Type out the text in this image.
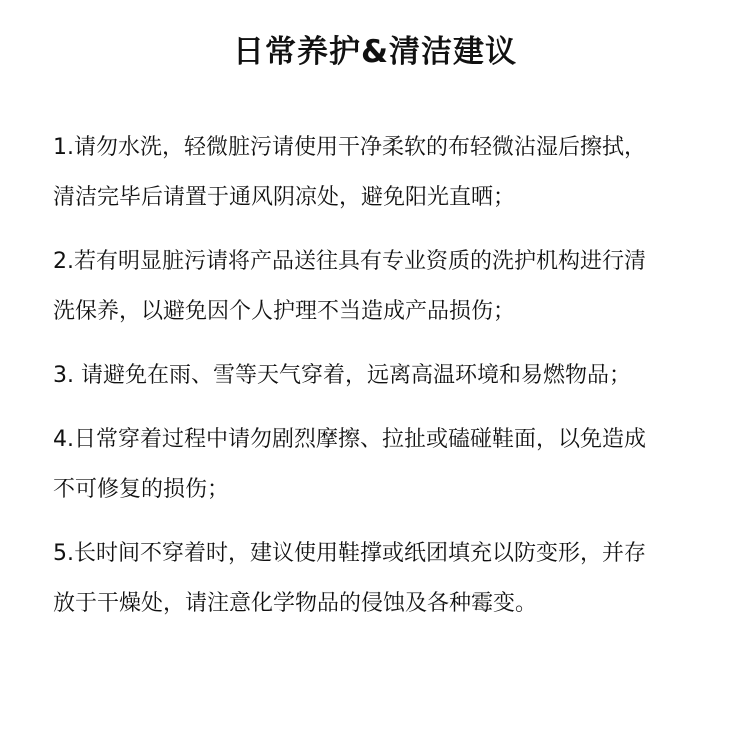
日常养护&清洁建议
1.请勿水洗，轻微脏污请使用干净柔软的布轻微沾湿后擦拭，
清洁完毕后请置于通风阴凉处，避免阳光直晒；
2.若有明显脏污请将产品送往具有专业资质的洗护机构进行清
洗保养，以避免因个人护理不当造成产品损伤；
3. 请避免在雨、雪等天气穿着，远离高温环境和易燃物品；
4.日常穿着过程中请勿剧烈摩擦、拉扯或磕碰鞋面，以免造成
不可修复的损伤；
5.长时间不穿着时，建议使用鞋撑或纸团填充以防变形，并存
放于干燥处，请注意化学物品的侵蚀及各种霉变。
